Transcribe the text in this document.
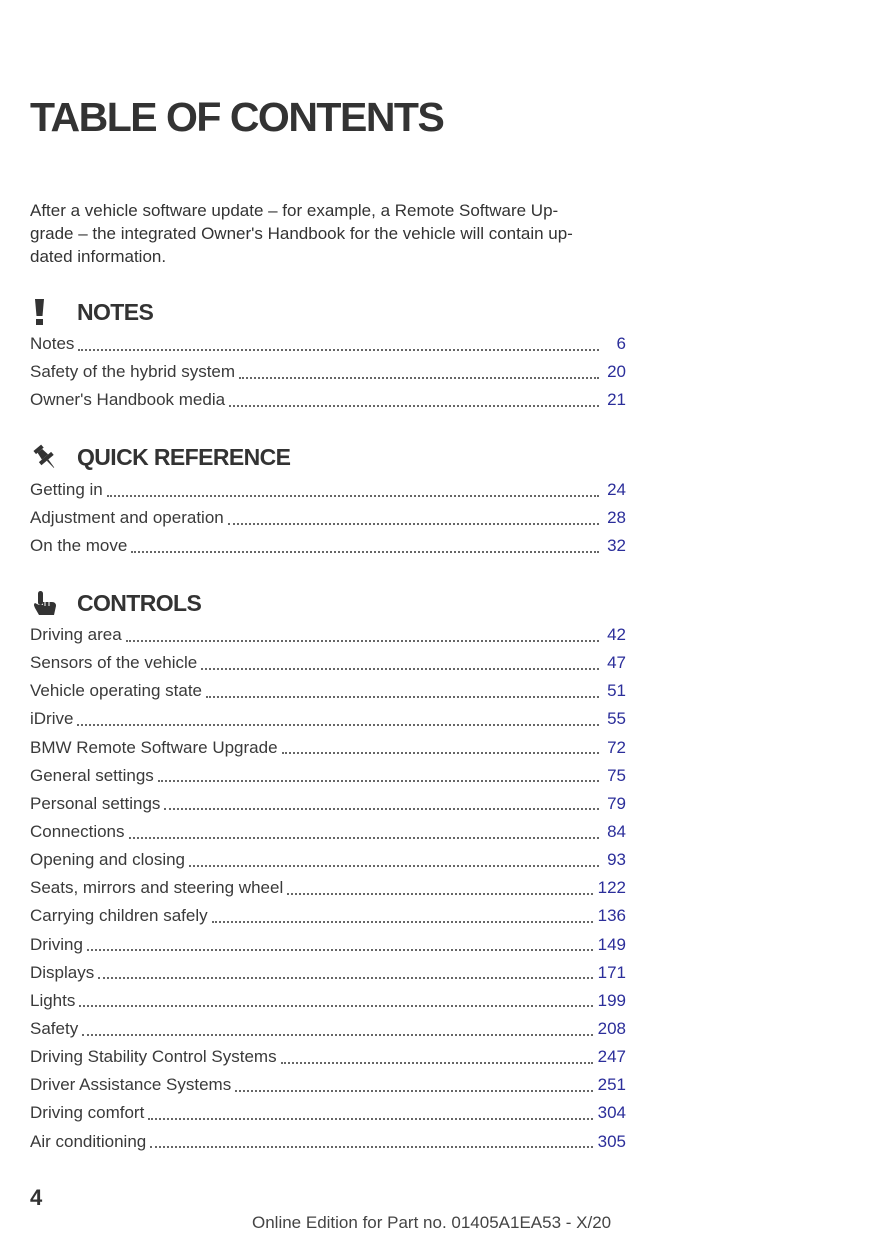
TABLE OF CONTENTS

After a vehicle software update – for example, a Remote Software Up-
grade – the integrated Owner's Handbook for the vehicle will contain up-
dated information.

NOTES
Notes	6
Safety of the hybrid system	20
Owner's Handbook media	21
QUICK REFERENCE
Getting in	24
Adjustment and operation	28
On the move	32
CONTROLS
Driving area	42
Sensors of the vehicle	47
Vehicle operating state	51
iDrive	55
BMW Remote Software Upgrade	72
General settings	75
Personal settings	79
Connections	84
Opening and closing	93
Seats, mirrors and steering wheel	122
Carrying children safely	136
Driving	149
Displays	171
Lights	199
Safety	208
Driving Stability Control Systems	247
Driver Assistance Systems	251
Driving comfort	304
Air conditioning	305
4
Online Edition for Part no. 01405A1EA53 - X/20
